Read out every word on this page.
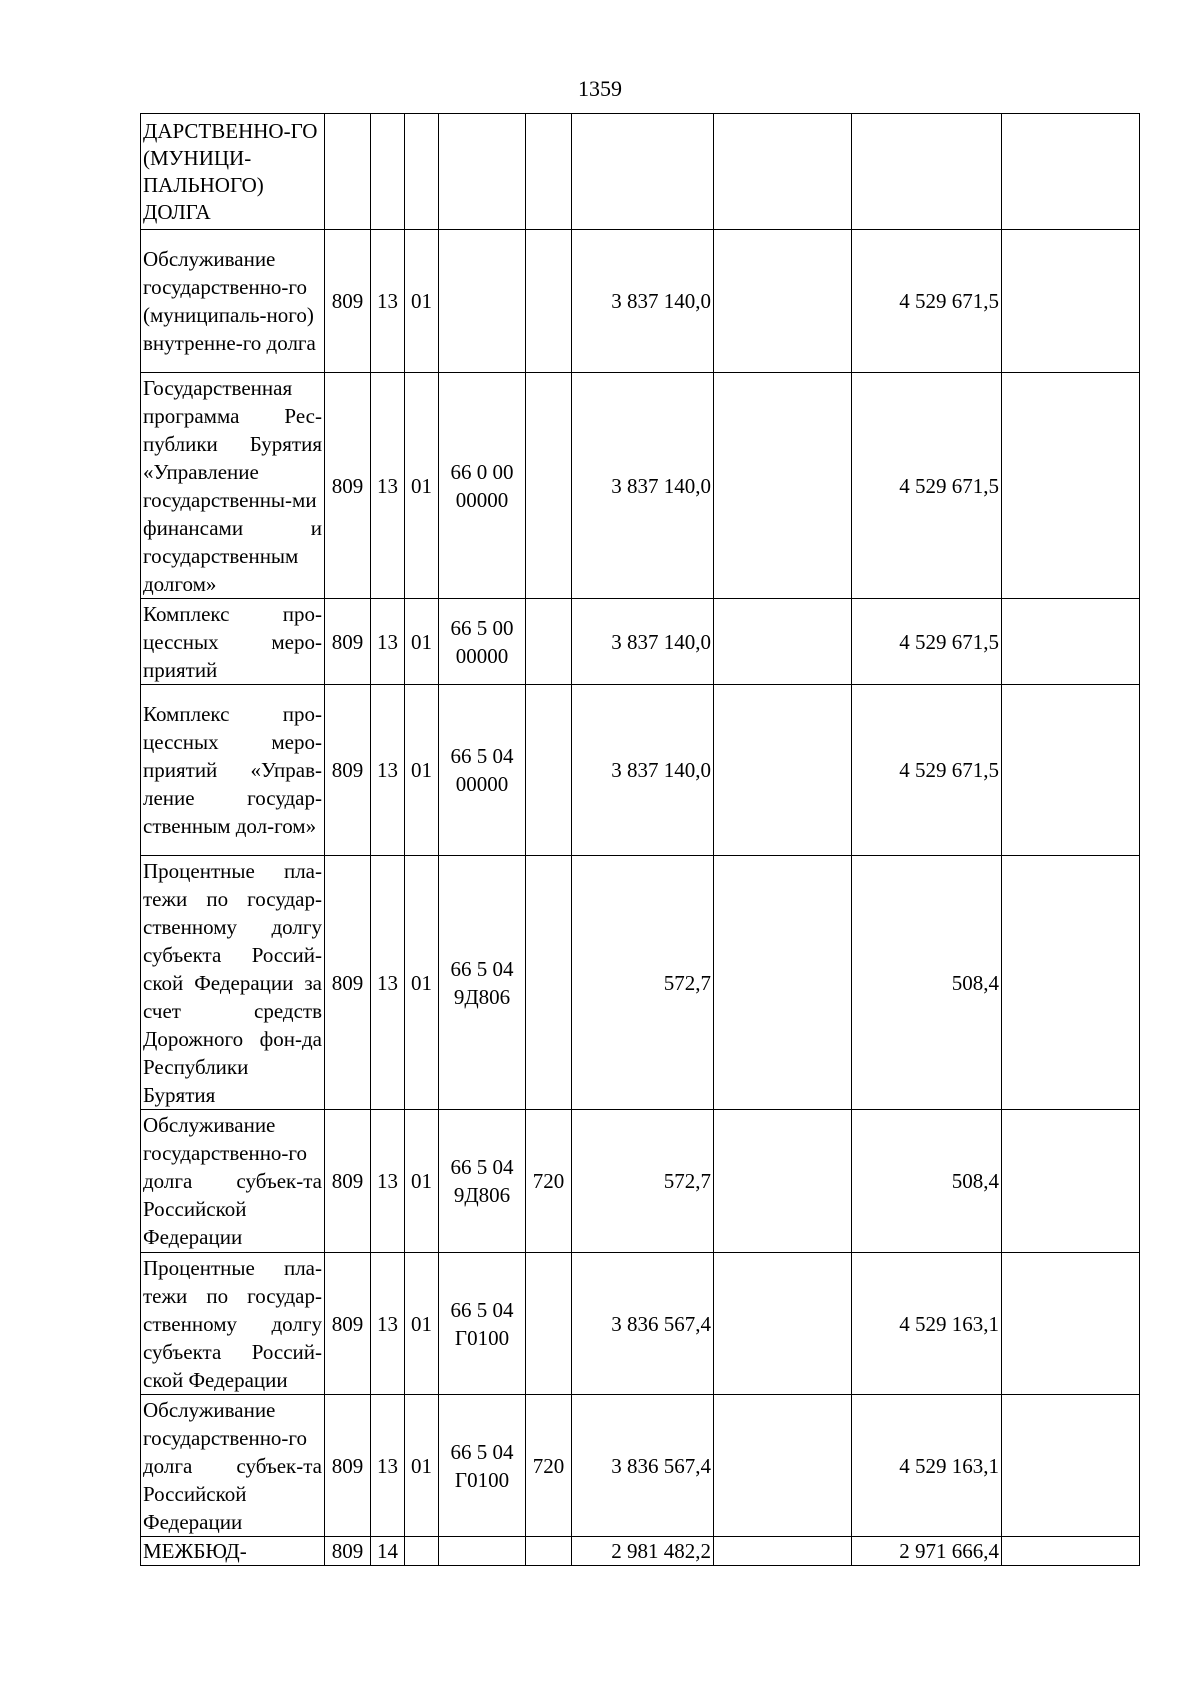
1359
ДАРСТВЕННО-ГО (МУНИЦИ-ПАЛЬНОГО) ДОЛГА									
Обслуживание государственно-го (муниципаль-ного) внутренне-го долга	809	13	01			3 837 140,0		4 529 671,5	
Государственная программа Рес-публики Бурятия «Управление государственны-ми финансами и государственным долгом»	809	13	01	66 0 00 00000		3 837 140,0		4 529 671,5	
Комплекс про-цессных меро-приятий	809	13	01	66 5 00 00000		3 837 140,0		4 529 671,5	
Комплекс про-цессных меро-приятий «Управ-ление государ-ственным дол-гом»	809	13	01	66 5 04 00000		3 837 140,0		4 529 671,5	
Процентные пла-тежи по государ-ственному долгу субъекта Россий-ской Федерации за счет средств Дорожного фон-да Республики Бурятия	809	13	01	66 5 04 9Д806		572,7		508,4	
Обслуживание государственно-го долга субъек-та Российской Федерации	809	13	01	66 5 04 9Д806	720	572,7		508,4	
Процентные пла-тежи по государ-ственному долгу субъекта Россий-ской Федерации	809	13	01	66 5 04 Г0100		3 836 567,4		4 529 163,1	
Обслуживание государственно-го долга субъек-та Российской Федерации	809	13	01	66 5 04 Г0100	720	3 836 567,4		4 529 163,1	
МЕЖБЮД-	809	14				2 981 482,2		2 971 666,4	
